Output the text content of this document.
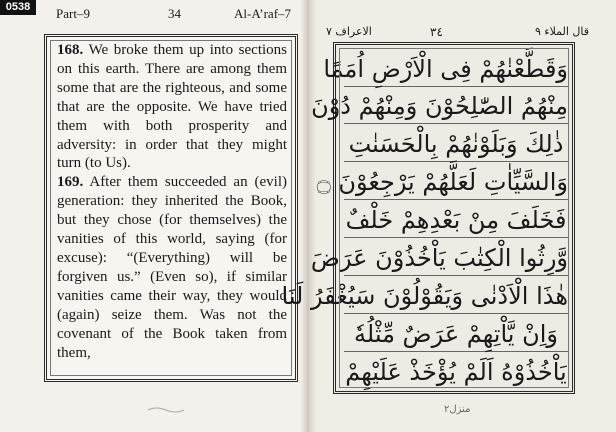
0538	Part–9	34	Al-A’raf–7

168. We broke them up into sections on this earth. There are among them some that are the righteous, and some that are the opposite. We have tried them with both prosperity and adversity: in order that they might turn (to Us).

169. After them succeeded an (evil) generation: they inherited the Book, but they chose (for themselves) the vanities of this world, saying (for excuse): “(Everything) will be forgiven us.” (Even so), if similar vanities came their way, they would (again) seize them. Was not the covenant of the Book taken from them,

الاعراف ٧	٣٤	قال الملاء ٩
وَقَطَّعْنٰهُمْ فِى الْاَرْضِ اُمَمًا
مِنْهُمُ الصّٰلِحُوْنَ وَمِنْهُمْ دُوْنَ
ذٰلِكَ وَبَلَوْنٰهُمْ بِالْحَسَنٰتِ
وَالسَّيِّاٰتِ لَعَلَّهُمْ يَرْجِعُوْنَ ۝
فَخَلَفَ مِنْ بَعْدِهِمْ خَلْفٌ
وَّرِثُوا الْكِتٰبَ يَاْخُذُوْنَ عَرَضَ
هٰذَا الْاَدْنٰى وَيَقُوْلُوْنَ سَيُغْفَرُ لَنَا
وَاِنْ يَّاْتِهِمْ عَرَضٌ مِّثْلُهٗ
يَاْخُذُوْهُ اَلَمْ يُؤْخَذْ عَلَيْهِمْ
منزل٢
